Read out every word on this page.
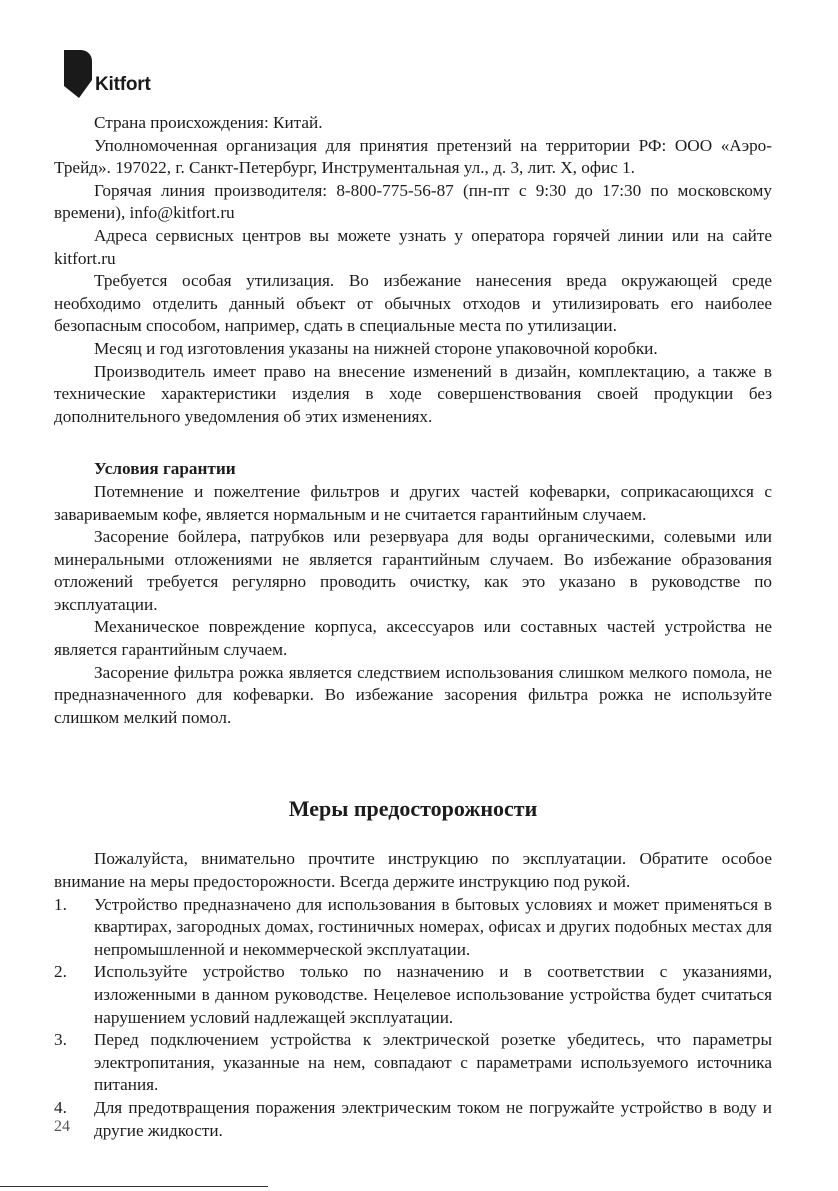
Kitfort

Страна происхождения: Китай.

Уполномоченная организация для принятия претензий на территории РФ: ООО «Аэро-Трейд». 197022, г. Санкт-Петербург, Инструментальная ул., д. 3, лит. Х, офис 1.

Горячая линия производителя: 8-800-775-56-87 (пн-пт с 9:30 до 17:30 по московскому времени), info@kitfort.ru

Адреса сервисных центров вы можете узнать у оператора горячей линии или на сайте kitfort.ru

Требуется особая утилизация. Во избежание нанесения вреда окружающей среде необходимо отделить данный объект от обычных отходов и утилизировать его наиболее безопасным способом, например, сдать в специальные места по утилизации.

Месяц и год изготовления указаны на нижней стороне упаковочной коробки.

Производитель имеет право на внесение изменений в дизайн, комплектацию, а также в технические характеристики изделия в ходе совершенствования своей продукции без дополнительного уведомления об этих изменениях.

Условия гарантии

Потемнение и пожелтение фильтров и других частей кофеварки, соприкасающихся с завариваемым кофе, является нормальным и не считается гарантийным случаем.

Засорение бойлера, патрубков или резервуара для воды органическими, солевыми или минеральными отложениями не является гарантийным случаем. Во избежание образования отложений требуется регулярно проводить очистку, как это указано в руководстве по эксплуатации.

Механическое повреждение корпуса, аксессуаров или составных частей устройства не является гарантийным случаем.

Засорение фильтра рожка является следствием использования слишком мелкого помола, не предназначенного для кофеварки. Во избежание засорения фильтра рожка не используйте слишком мелкий помол.

Меры предосторожности

Пожалуйста, внимательно прочтите инструкцию по эксплуатации. Обратите особое внимание на меры предосторожности. Всегда держите инструкцию под рукой.

1. Устройство предназначено для использования в бытовых условиях и может применяться в квартирах, загородных домах, гостиничных номерах, офисах и других подобных местах для непромышленной и некоммерческой эксплуатации.
2. Используйте устройство только по назначению и в соответствии с указаниями, изложенными в данном руководстве. Нецелевое использование устройства будет считаться нарушением условий надлежащей эксплуатации.
3. Перед подключением устройства к электрической розетке убедитесь, что параметры электропитания, указанные на нем, совпадают с параметрами используемого источника питания.
4. Для предотвращения поражения электрическим током не погружайте устройство в воду и другие жидкости.
24
